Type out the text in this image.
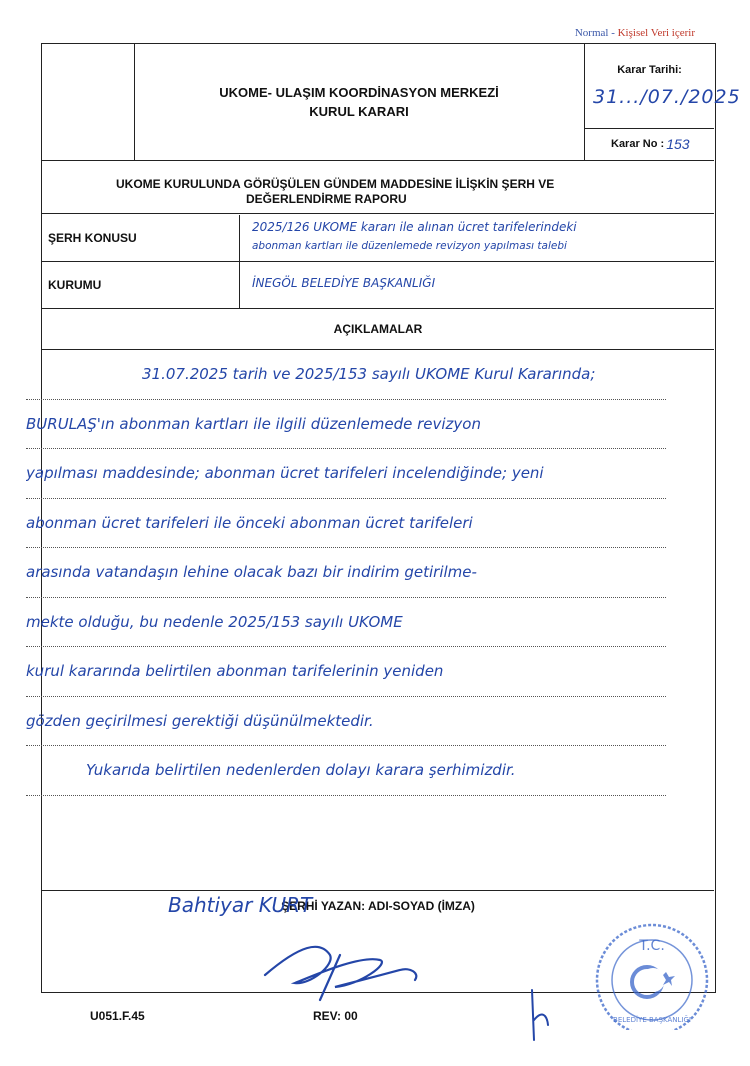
Normal - Kişisel Veri içerir
UKOME- ULAŞIM KOORDİNASYON MERKEZİ
KURUL KARARI
Karar Tarihi:
31.../07./2025
Karar No : 153
UKOME KURULUNDA GÖRÜŞÜLEN GÜNDEM MADDESİNE İLİŞKİN ŞERH VE
DEĞERLENDİRME RAPORU
ŞERH KONUSU
2025/126 UKOME kararı ile alınan ücret tarifelerindeki
abonman kartları ile düzenlemede revizyon yapılması talebi
KURUMU	İNEGÖL BELEDİYE BAŞKANLIĞI
AÇIKLAMALAR
ŞERHİ YAZAN: ADI-SOYAD (İMZA)
31.07.2025 tarih ve 2025/153 sayılı UKOME Kurul Kararında;
BURULAŞ'ın abonman kartları ile ilgili düzenlemede revizyon
yapılması maddesinde; abonman ücret tarifeleri incelendiğinde; yeni
abonman ücret tarifeleri ile önceki abonman ücret tarifeleri
arasında vatandaşın lehine olacak bazı bir indirim getirilme-
mekte olduğu, bu nedenle 2025/153 sayılı UKOME
kurul kararında belirtilen abonman tarifelerinin yeniden
gözden geçirilmesi gerektiği düşünülmektedir.
Yukarıda belirtilen nedenlerden dolayı karara şerhimizdir.
Bahtiyar KURT
T.C.
BELEDİYE BAŞKANLIĞI
U051.F.45	REV: 00
